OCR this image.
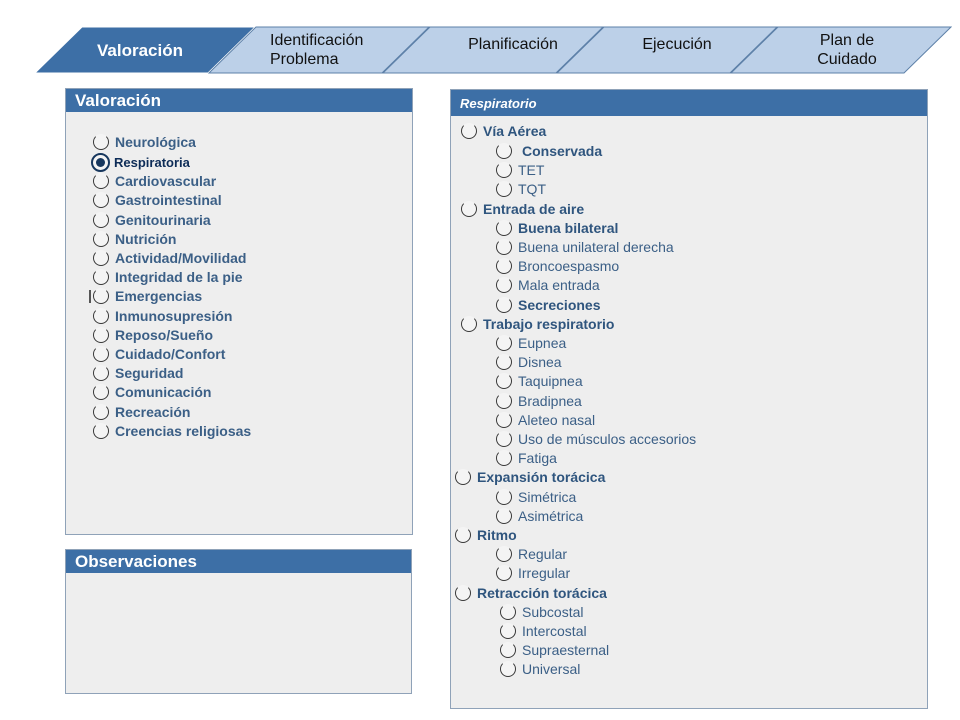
Valoración	Identificación
Problema
Planificación	Ejecución	Plan de
Cuidado
Valoración
Neurológica
Respiratoria
Cardiovascular
Gastrointestinal
Genitourinaria
Nutrición
Actividad/Movilidad
Integridad de la pie
Emergencias
Inmunosupresión
Reposo/Sueño
Cuidado/Confort
Seguridad
Comunicación
Recreación
Creencias religiosas
Observaciones
Respiratorio
Vía Aérea
Conservada
TET
TQT
Entrada de aire
Buena bilateral
Buena unilateral derecha
Broncoespasmo
Mala entrada
Secreciones
Trabajo respiratorio
Eupnea
Disnea
Taquipnea
Bradipnea
Aleteo nasal
Uso de músculos accesorios
Fatiga
Expansión torácica
Simétrica
Asimétrica
Ritmo
Regular
Irregular
Retracción torácica
Subcostal
Intercostal
Supraesternal
Universal
